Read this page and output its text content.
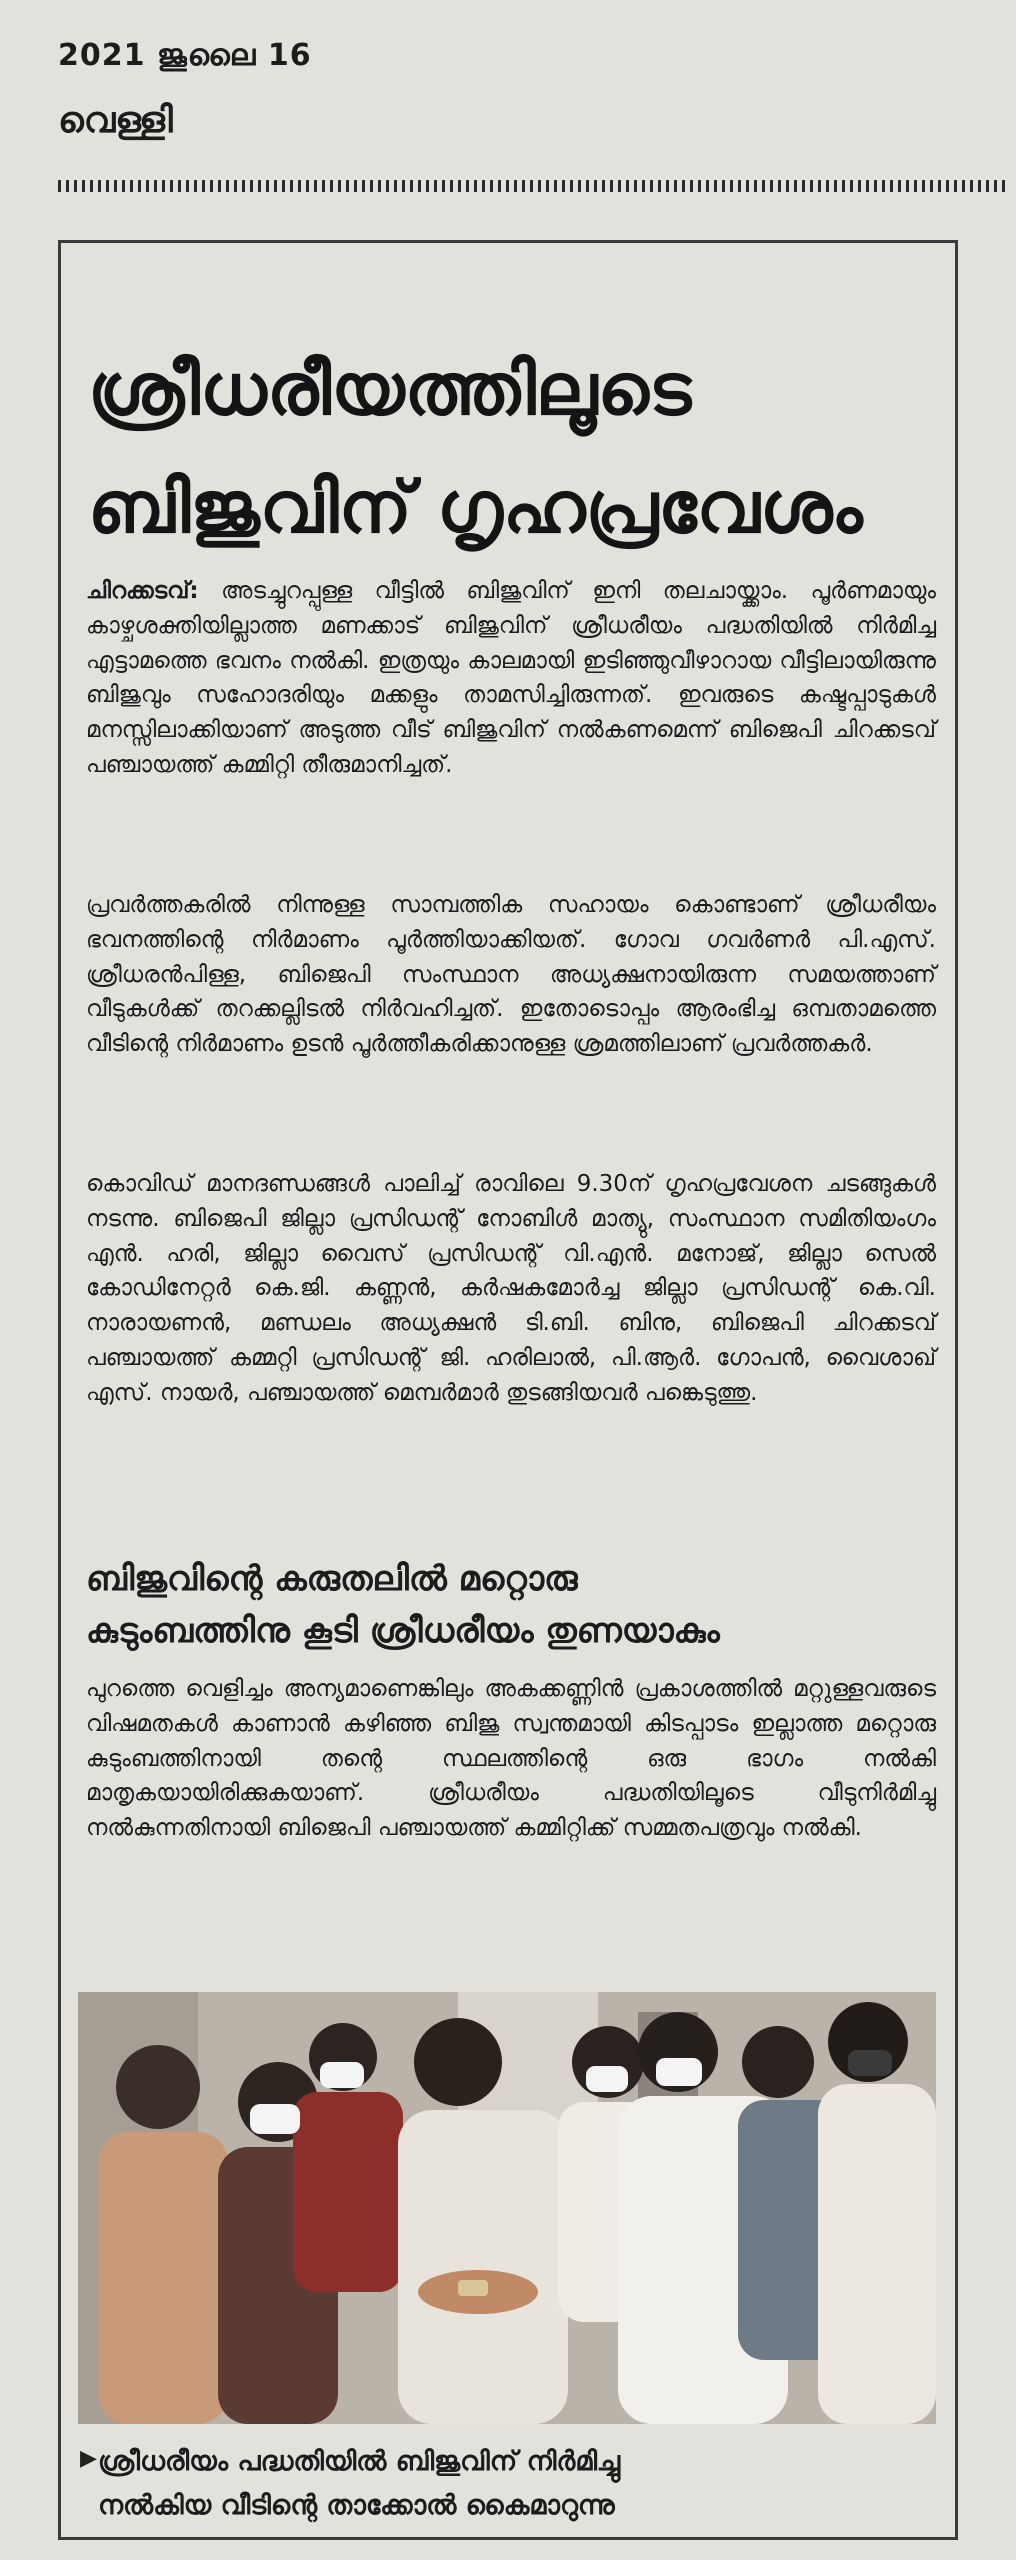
2021 ജൂലൈ 16
വെള്ളി
ശ്രീധരീയത്തിലൂടെ
ബിജുവിന് ഗൃഹപ്രവേശം

ചിറക്കടവ്: അടച്ചുറപ്പുള്ള വീട്ടിൽ ബിജുവിന് ഇനി തലചായ്ക്കാം. പൂർണമായും കാഴ്ചശക്തിയില്ലാത്ത മണക്കാട് ബിജുവിന് ശ്രീധരീയം പദ്ധതിയിൽ നിർമിച്ച എട്ടാമത്തെ ഭവനം നൽകി. ഇത്രയും കാലമായി ഇടിഞ്ഞുവീഴാറായ വീട്ടിലായിരുന്നു ബിജുവും സഹോദരിയും മക്കളും താമസിച്ചിരുന്നത്. ഇവരുടെ കഷ്ടപ്പാടുകൾ മനസ്സിലാക്കിയാണ് അടുത്ത വീട് ബിജുവിന് നൽകണമെന്ന് ബിജെപി ചിറക്കടവ് പഞ്ചായത്ത് കമ്മിറ്റി തീരുമാനിച്ചത്.

പ്രവർത്തകരിൽ നിന്നുള്ള സാമ്പത്തിക സഹായം കൊണ്ടാണ് ശ്രീധരീയം ഭവനത്തിന്റെ നിർമാണം പൂർത്തിയാക്കിയത്. ഗോവ ഗവർണർ പി.എസ്. ശ്രീധരൻപിള്ള, ബിജെപി സംസ്ഥാന അധ്യക്ഷനായിരുന്ന സമയത്താണ് വീടുകൾക്ക് തറക്കല്ലിടൽ നിർവഹിച്ചത്. ഇതോടൊപ്പം ആരംഭിച്ച ഒമ്പതാമത്തെ വീടിന്റെ നിർമാണം ഉടൻ പൂർത്തീകരിക്കാനുള്ള ശ്രമത്തിലാണ് പ്രവർത്തകർ.

കൊവിഡ് മാനദണ്ഡങ്ങൾ പാലിച്ച് രാവിലെ 9.30ന് ഗൃഹപ്രവേശന ചടങ്ങുകൾ നടന്നു. ബിജെപി ജില്ലാ പ്രസിഡന്റ് നോബിൾ മാത്യു, സംസ്ഥാന സമിതിയംഗം എൻ. ഹരി, ജില്ലാ വൈസ് പ്രസിഡന്റ് വി.എൻ. മനോജ്, ജില്ലാ സെൽ കോഡിനേറ്റർ കെ.ജി. കണ്ണൻ, കർഷകമോർച്ച ജില്ലാ പ്രസിഡന്റ് കെ.വി. നാരായണൻ, മണ്ഡലം അധ്യക്ഷൻ ടി.ബി. ബിനു, ബിജെപി ചിറക്കടവ് പഞ്ചായത്ത് കമ്മറ്റി പ്രസിഡന്റ് ജി. ഹരിലാൽ, പി.ആർ. ഗോപൻ, വൈശാഖ് എസ്. നായർ, പഞ്ചായത്ത് മെമ്പർമാർ തുടങ്ങിയവർ പങ്കെടുത്തു.

ബിജുവിന്റെ കരുതലിൽ മറ്റൊരു
കുടുംബത്തിനു കൂടി ശ്രീധരീയം തുണയാകും

പുറത്തെ വെളിച്ചം അന്യമാണെങ്കിലും അകക്കണ്ണിൻ പ്രകാശത്തിൽ മറ്റുള്ളവരുടെ വിഷമതകൾ കാണാൻ കഴിഞ്ഞ ബിജു സ്വന്തമായി കിടപ്പാടം ഇല്ലാത്ത മറ്റൊരു കുടുംബത്തിനായി തന്റെ സ്ഥലത്തിന്റെ ഒരു ഭാഗം നൽകി മാതൃകയായിരിക്കുകയാണ്. ശ്രീധരീയം പദ്ധതിയിലൂടെ വീടുനിർമിച്ചു നൽകുന്നതിനായി ബിജെപി പഞ്ചായത്ത് കമ്മിറ്റിക്ക് സമ്മതപത്രവും നൽകി.

▶ ശ്രീധരീയം പദ്ധതിയിൽ ബിജുവിന് നിർമിച്ചു
നൽകിയ വീടിന്റെ താക്കോൽ കൈമാറുന്നു
